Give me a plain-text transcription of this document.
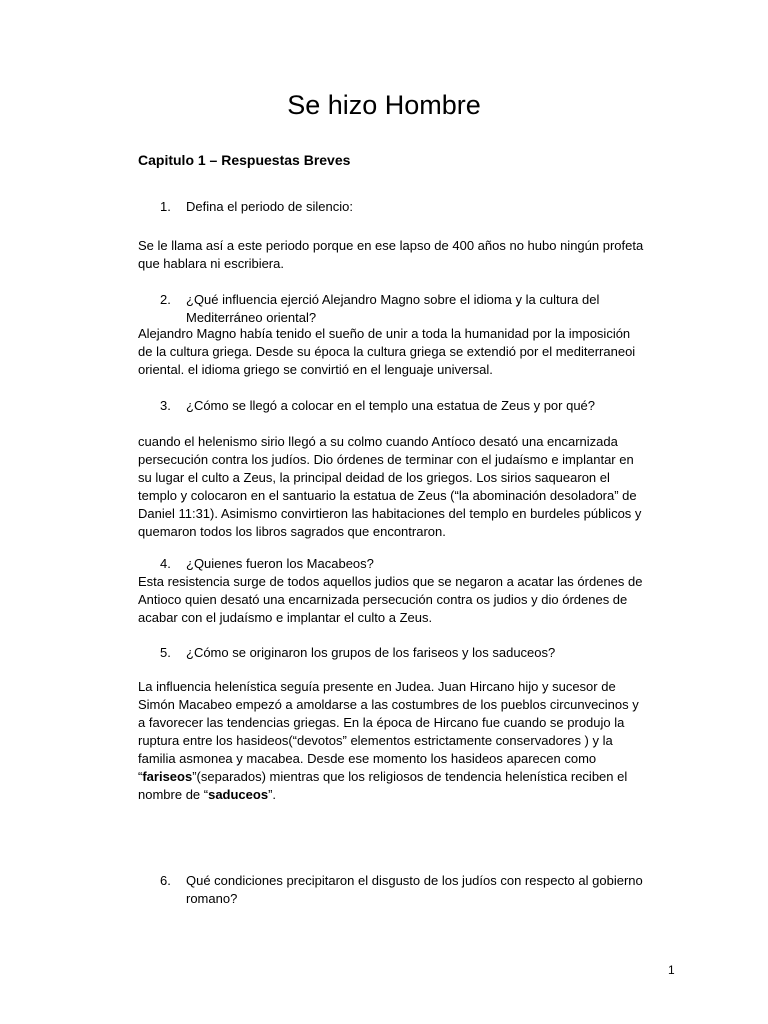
Se hizo Hombre
Capitulo 1 – Respuestas Breves
1. Defina el periodo de silencio:
Se le llama así a este periodo porque en ese lapso de 400 años no hubo ningún profeta que hablara ni escribiera.
2. ¿Qué influencia ejerció Alejandro Magno sobre el idioma y la cultura del Mediterráneo oriental?
Alejandro Magno había tenido el sueño de unir a toda la humanidad por la imposición de la cultura griega. Desde su época la cultura griega se extendió por el mediterraneoi oriental. el idioma griego se convirtió en el lenguaje universal.
3. ¿Cómo se llegó a colocar en el templo una estatua de Zeus y por qué?
cuando el helenismo sirio llegó a su colmo cuando Antíoco desató una encarnizada persecución contra los judíos. Dio órdenes de terminar con el judaísmo e implantar en su lugar el culto a Zeus, la principal deidad de los griegos. Los sirios saquearon el templo y colocaron en el santuario la estatua de Zeus (“la abominación desoladora” de Daniel 11:31). Asimismo convirtieron las habitaciones del templo en burdeles públicos y quemaron todos los libros sagrados que encontraron.
4. ¿Quienes fueron los Macabeos?
Esta resistencia surge de todos aquellos judios que se negaron a acatar las órdenes de Antioco quien desató una encarnizada persecución contra os judios y dio órdenes de acabar con el judaísmo e implantar el culto a Zeus.
5. ¿Cómo se originaron los grupos de los fariseos y los saduceos?
La influencia helenística seguía presente en Judea. Juan Hircano hijo y sucesor de Simón Macabeo empezó a amoldarse a las costumbres de los pueblos circunvecinos y a favorecer las tendencias griegas. En la época de Hircano fue cuando se produjo la ruptura entre los hasideos(“devotos” elementos estrictamente conservadores ) y la familia asmonea y macabea. Desde ese momento los hasideos aparecen como “fariseos”(separados) mientras que los religiosos de tendencia helenística reciben el nombre de “saduceos”.
6. Qué condiciones precipitaron el disgusto de los judíos con respecto al gobierno romano?
1
